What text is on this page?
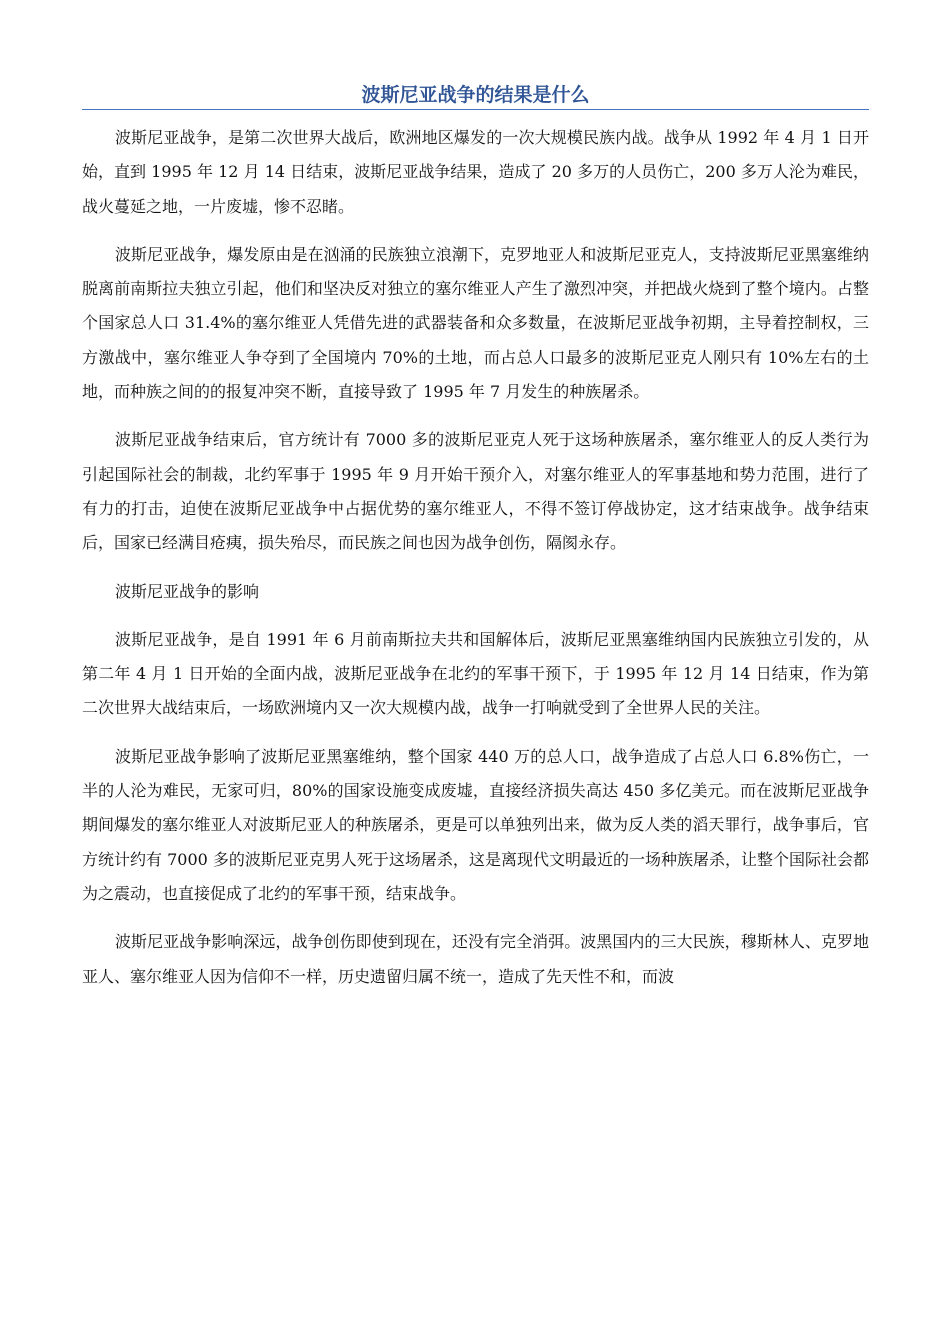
波斯尼亚战争的结果是什么

波斯尼亚战争，是第二次世界大战后，欧洲地区爆发的一次大规模民族内战。战争从 1992 年 4 月 1 日开始，直到 1995 年 12 月 14 日结束，波斯尼亚战争结果，造成了 20 多万的人员伤亡，200 多万人沦为难民，战火蔓延之地，一片废墟，惨不忍睹。

波斯尼亚战争，爆发原由是在汹涌的民族独立浪潮下，克罗地亚人和波斯尼亚克人，支持波斯尼亚黑塞维纳脱离前南斯拉夫独立引起，他们和坚决反对独立的塞尔维亚人产生了激烈冲突，并把战火烧到了整个境内。占整个国家总人口 31.4%的塞尔维亚人凭借先进的武器装备和众多数量，在波斯尼亚战争初期，主导着控制权，三方激战中，塞尔维亚人争夺到了全国境内 70%的土地，而占总人口最多的波斯尼亚克人刚只有 10%左右的土地，而种族之间的的报复冲突不断，直接导致了 1995 年 7 月发生的种族屠杀。

波斯尼亚战争结束后，官方统计有 7000 多的波斯尼亚克人死于这场种族屠杀，塞尔维亚人的反人类行为引起国际社会的制裁，北约军事于 1995 年 9 月开始干预介入，对塞尔维亚人的军事基地和势力范围，进行了有力的打击，迫使在波斯尼亚战争中占据优势的塞尔维亚人，不得不签订停战协定，这才结束战争。战争结束后，国家已经满目疮痍，损失殆尽，而民族之间也因为战争创伤，隔阂永存。

波斯尼亚战争的影响

波斯尼亚战争，是自 1991 年 6 月前南斯拉夫共和国解体后，波斯尼亚黑塞维纳国内民族独立引发的，从第二年 4 月 1 日开始的全面内战，波斯尼亚战争在北约的军事干预下，于 1995 年 12 月 14 日结束，作为第二次世界大战结束后，一场欧洲境内又一次大规模内战，战争一打响就受到了全世界人民的关注。

波斯尼亚战争影响了波斯尼亚黑塞维纳，整个国家 440 万的总人口，战争造成了占总人口 6.8%伤亡，一半的人沦为难民，无家可归，80%的国家设施变成废墟，直接经济损失高达 450 多亿美元。而在波斯尼亚战争期间爆发的塞尔维亚人对波斯尼亚人的种族屠杀，更是可以单独列出来，做为反人类的滔天罪行，战争事后，官方统计约有 7000 多的波斯尼亚克男人死于这场屠杀，这是离现代文明最近的一场种族屠杀，让整个国际社会都为之震动，也直接促成了北约的军事干预，结束战争。

波斯尼亚战争影响深远，战争创伤即使到现在，还没有完全消弭。波黑国内的三大民族，穆斯林人、克罗地亚人、塞尔维亚人因为信仰不一样，历史遗留归属不统一，造成了先天性不和，而波
